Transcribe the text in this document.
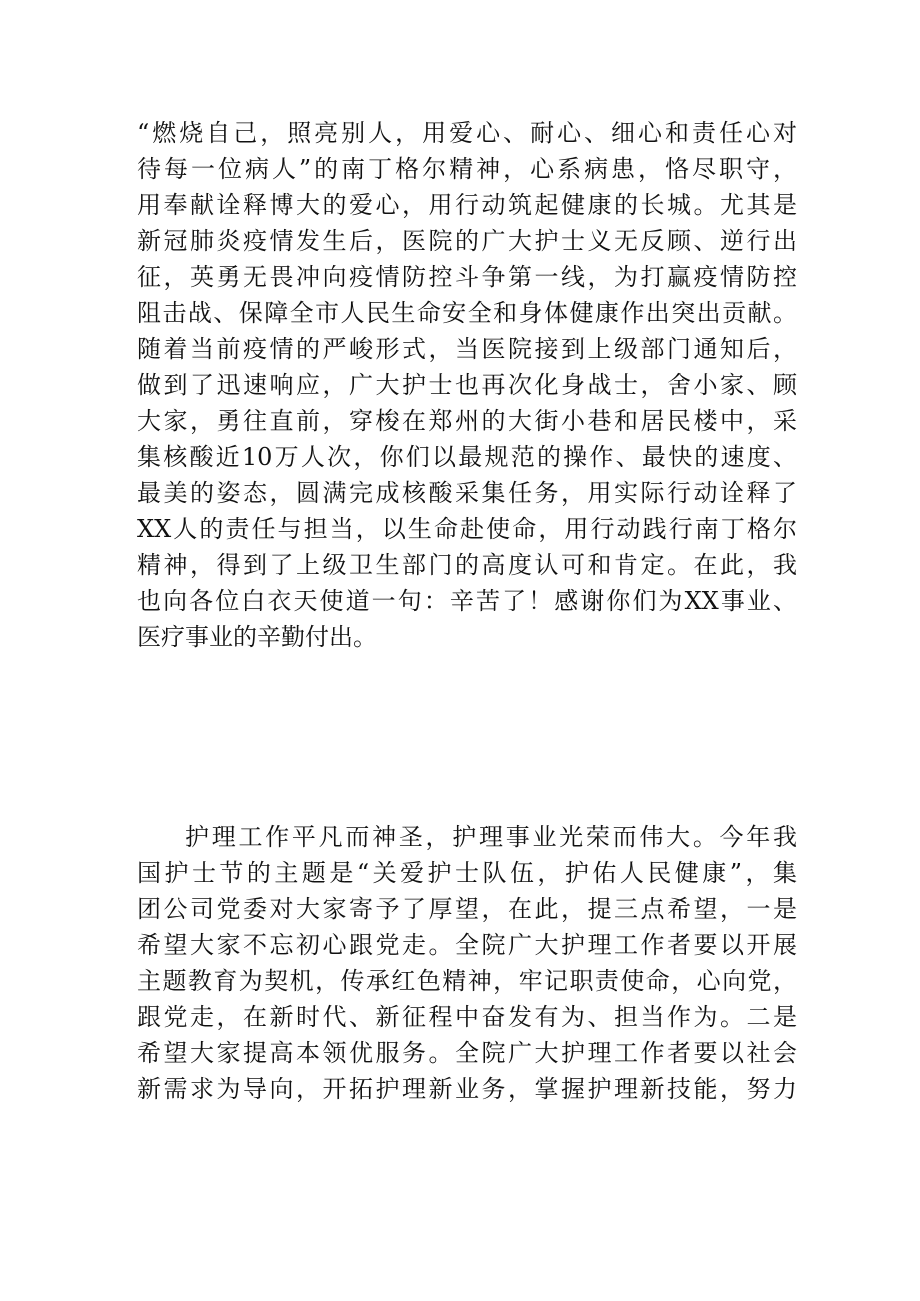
“燃烧自己，照亮别人，用爱心、耐心、细心和责任心对
待每一位病人”的南丁格尔精神，心系病患，恪尽职守，
用奉献诠释博大的爱心，用行动筑起健康的长城。尤其是
新冠肺炎疫情发生后，医院的广大护士义无反顾、逆行出
征，英勇无畏冲向疫情防控斗争第一线，为打赢疫情防控
阻击战、保障全市人民生命安全和身体健康作出突出贡献。
随着当前疫情的严峻形式，当医院接到上级部门通知后，
做到了迅速响应，广大护士也再次化身战士，舍小家、顾
大家，勇往直前，穿梭在郑州的大街小巷和居民楼中，采
集核酸近10万人次，你们以最规范的操作、最快的速度、
最美的姿态，圆满完成核酸采集任务，用实际行动诠释了
XX人的责任与担当，以生命赴使命，用行动践行南丁格尔
精神，得到了上级卫生部门的高度认可和肯定。在此，我
也向各位白衣天使道一句：辛苦了！感谢你们为XX事业、
医疗事业的辛勤付出。
护理工作平凡而神圣，护理事业光荣而伟大。今年我
国护士节的主题是“关爱护士队伍，护佑人民健康”，集
团公司党委对大家寄予了厚望，在此，提三点希望，一是
希望大家不忘初心跟党走。全院广大护理工作者要以开展
主题教育为契机，传承红色精神，牢记职责使命，心向党，
跟党走，在新时代、新征程中奋发有为、担当作为。二是
希望大家提高本领优服务。全院广大护理工作者要以社会
新需求为导向，开拓护理新业务，掌握护理新技能，努力
